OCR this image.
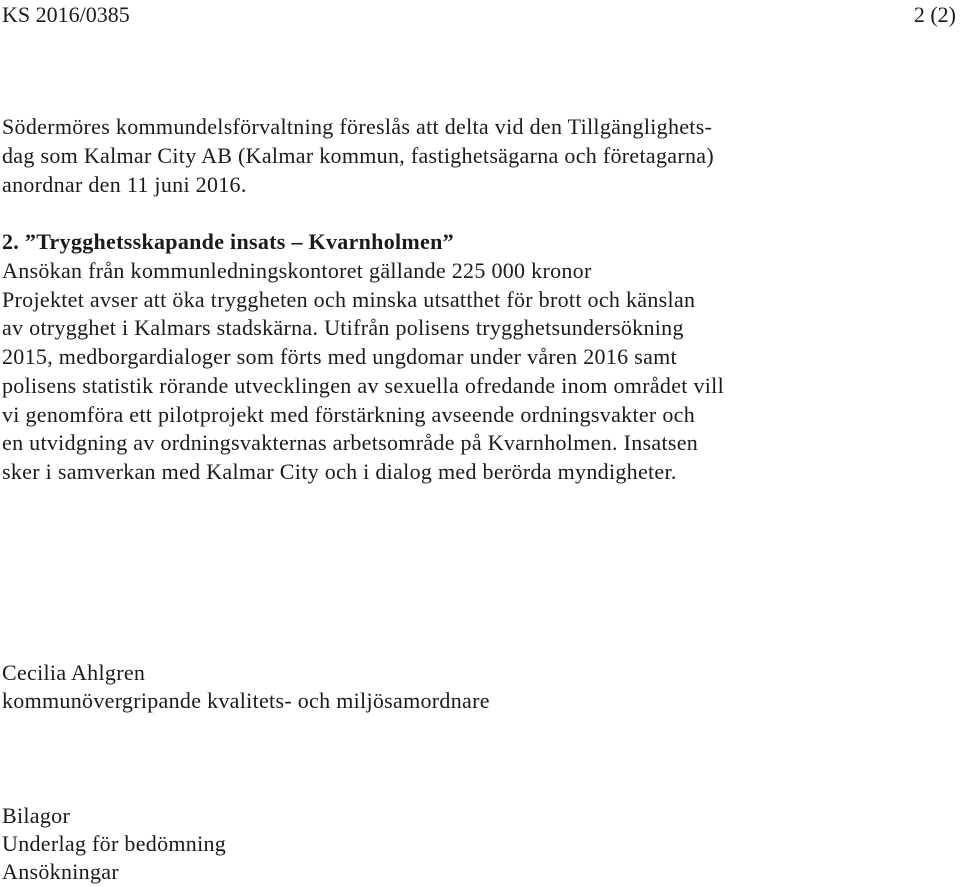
KS 2016/0385	2 (2)
Södermöres kommundelsförvaltning föreslås att delta vid den Tillgänglighets-
dag som Kalmar City AB (Kalmar kommun, fastighetsägarna och företagarna)
anordnar den 11 juni 2016.
2. ”Trygghetsskapande insats – Kvarnholmen”
Ansökan från kommunledningskontoret gällande 225 000 kronor
Projektet avser att öka tryggheten och minska utsatthet för brott och känslan
av otrygghet i Kalmars stadskärna. Utifrån polisens trygghetsundersökning
2015, medborgardialoger som förts med ungdomar under våren 2016 samt
polisens statistik rörande utvecklingen av sexuella ofredande inom området vill
vi genomföra ett pilotprojekt med förstärkning avseende ordningsvakter och
en utvidgning av ordningsvakternas arbetsområde på Kvarnholmen. Insatsen
sker i samverkan med Kalmar City och i dialog med berörda myndigheter.
Cecilia Ahlgren
kommunövergripande kvalitets- och miljösamordnare
Bilagor
Underlag för bedömning
Ansökningar
